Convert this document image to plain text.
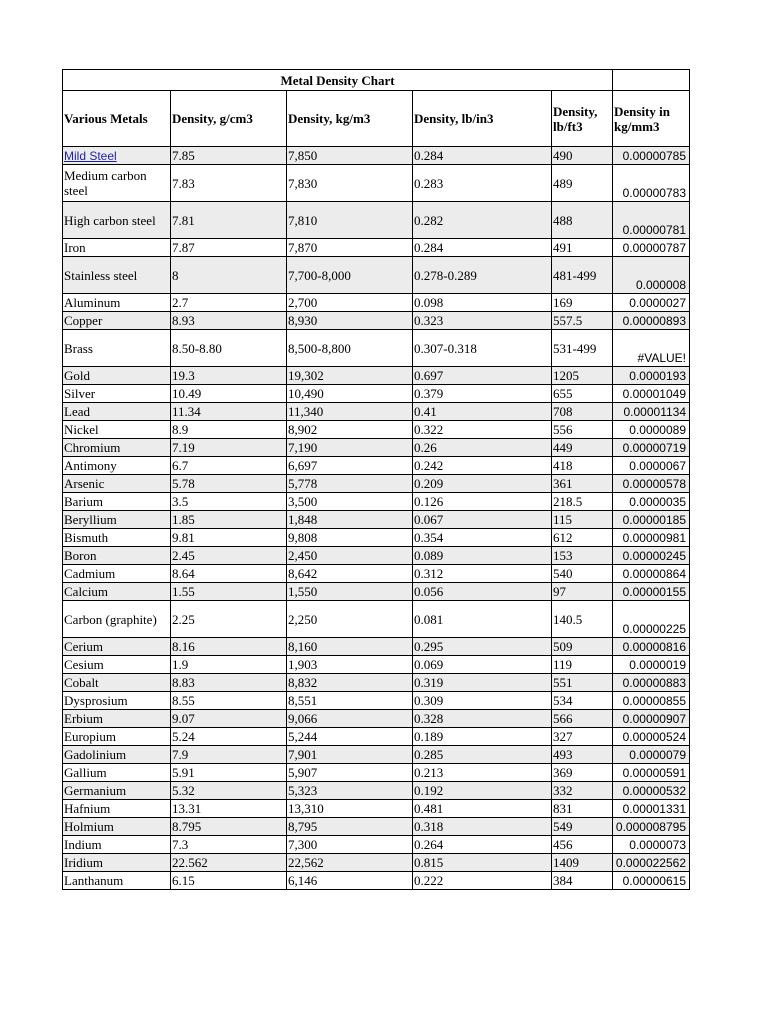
Metal Density Chart					
Various Metals	Density, g/cm3	Density, kg/m3	Density, lb/in3	Density, lb/ft3	Density in kg/mm3
Mild Steel	7.85	7,850	0.284	490	0.00000785
Medium carbon steel	7.83	7,830	0.283	489	0.00000783
High carbon steel	7.81	7,810	0.282	488	0.00000781
Iron	7.87	7,870	0.284	491	0.00000787
Stainless steel	8	7,700-8,000	0.278-0.289	481-499	0.000008
Aluminum	2.7	2,700	0.098	169	0.0000027
Copper	8.93	8,930	0.323	557.5	0.00000893
Brass	8.50-8.80	8,500-8,800	0.307-0.318	531-499	#VALUE!
Gold	19.3	19,302	0.697	1205	0.0000193
Silver	10.49	10,490	0.379	655	0.00001049
Lead	11.34	11,340	0.41	708	0.00001134
Nickel	8.9	8,902	0.322	556	0.0000089
Chromium	7.19	7,190	0.26	449	0.00000719
Antimony	6.7	6,697	0.242	418	0.0000067
Arsenic	5.78	5,778	0.209	361	0.00000578
Barium	3.5	3,500	0.126	218.5	0.0000035
Beryllium	1.85	1,848	0.067	115	0.00000185
Bismuth	9.81	9,808	0.354	612	0.00000981
Boron	2.45	2,450	0.089	153	0.00000245
Cadmium	8.64	8,642	0.312	540	0.00000864
Calcium	1.55	1,550	0.056	97	0.00000155
Carbon (graphite)	2.25	2,250	0.081	140.5	0.00000225
Cerium	8.16	8,160	0.295	509	0.00000816
Cesium	1.9	1,903	0.069	119	0.0000019
Cobalt	8.83	8,832	0.319	551	0.00000883
Dysprosium	8.55	8,551	0.309	534	0.00000855
Erbium	9.07	9,066	0.328	566	0.00000907
Europium	5.24	5,244	0.189	327	0.00000524
Gadolinium	7.9	7,901	0.285	493	0.0000079
Gallium	5.91	5,907	0.213	369	0.00000591
Germanium	5.32	5,323	0.192	332	0.00000532
Hafnium	13.31	13,310	0.481	831	0.00001331
Holmium	8.795	8,795	0.318	549	0.000008795
Indium	7.3	7,300	0.264	456	0.0000073
Iridium	22.562	22,562	0.815	1409	0.000022562
Lanthanum	6.15	6,146	0.222	384	0.00000615
